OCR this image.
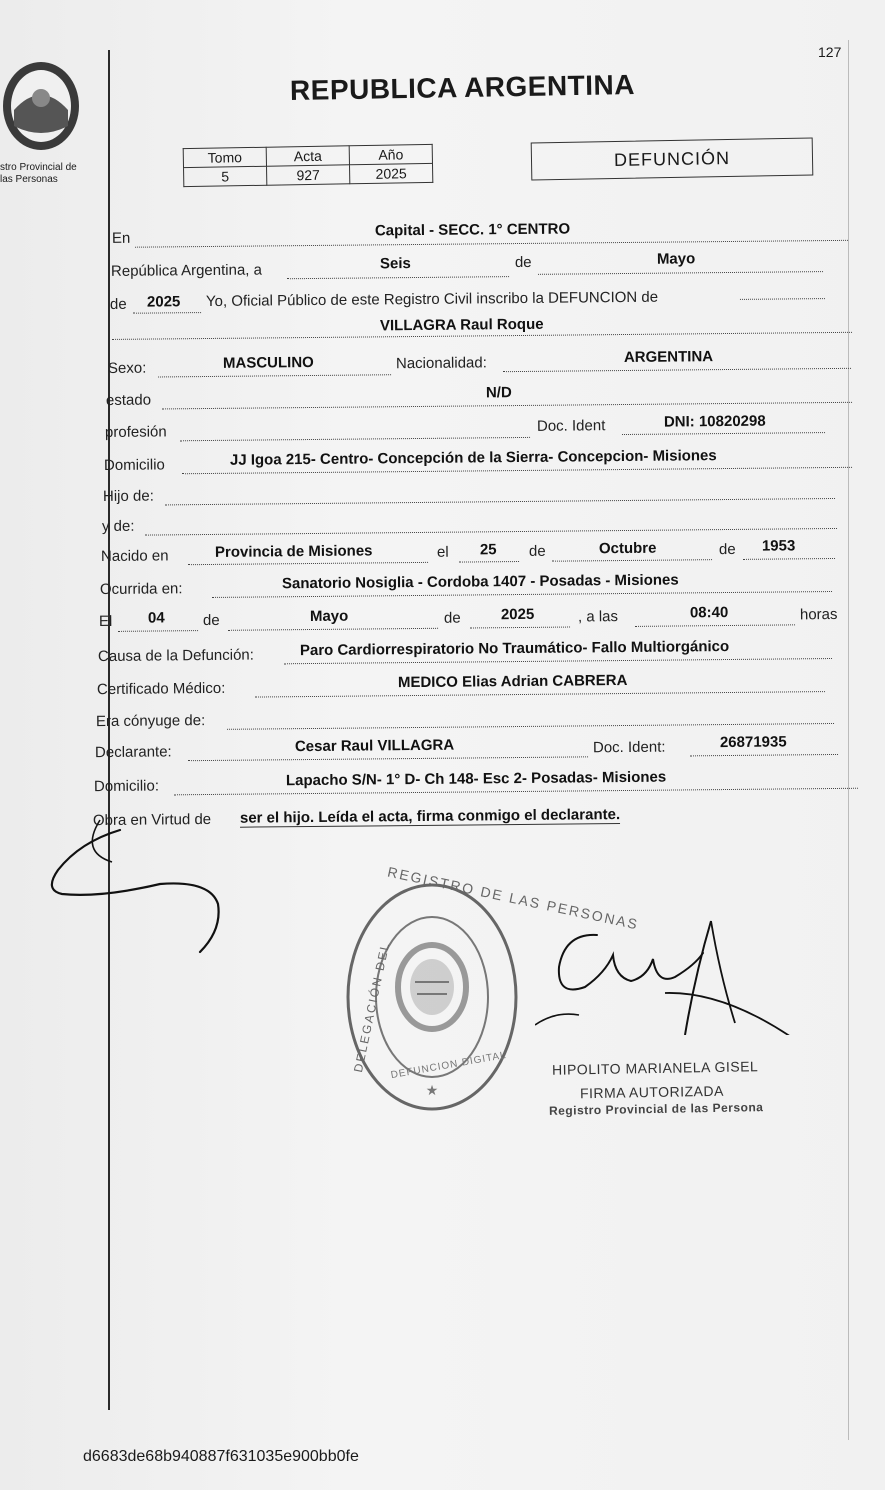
127
stro Provincial de
las Personas
REPUBLICA ARGENTINA
Tomo	Acta	Año
5	927	2025
DEFUNCIÓN
En	Capital - SECC. 1° CENTRO
República Argentina, a	Seis	de	Mayo
de 2025 Yo, Oficial Público de este Registro Civil inscribo la DEFUNCION de
VILLAGRA Raul Roque
Sexo:	MASCULINO	Nacionalidad:	ARGENTINA
estado	N/D
profesión	Doc. Ident	DNI: 10820298
Domicilio	JJ Igoa 215- Centro- Concepción de la Sierra- Concepcion- Misiones
Hijo de:
y de:
Nacido en	Provincia de Misiones	el 25 de	Octubre	de 1953
Ocurrida en:	Sanatorio Nosiglia - Cordoba 1407 - Posadas - Misiones
El 04	de	Mayo	de	2025	, a las	08:40	horas
Causa de la Defunción:	Paro Cardiorrespiratorio No Traumático- Fallo Multiorgánico
Certificado Médico:	MEDICO Elias Adrian CABRERA
Era cónyuge de:
Declarante:	Cesar Raul VILLAGRA	Doc. Ident:	26871935
Domicilio:	Lapacho S/N- 1° D- Ch 148- Esc 2- Posadas- Misiones
Obra en Virtud de ser el hijo. Leída el acta, firma conmigo el declarante.
★
REGISTRO DE LAS PERSONAS
DELEGACIÓN DEL
DEFUNCION DIGITAL	HIPOLITO MARIANELA GISEL
FIRMA AUTORIZADA
Registro Provincial de las Persona
d6683de68b940887f631035e900bb0fe
